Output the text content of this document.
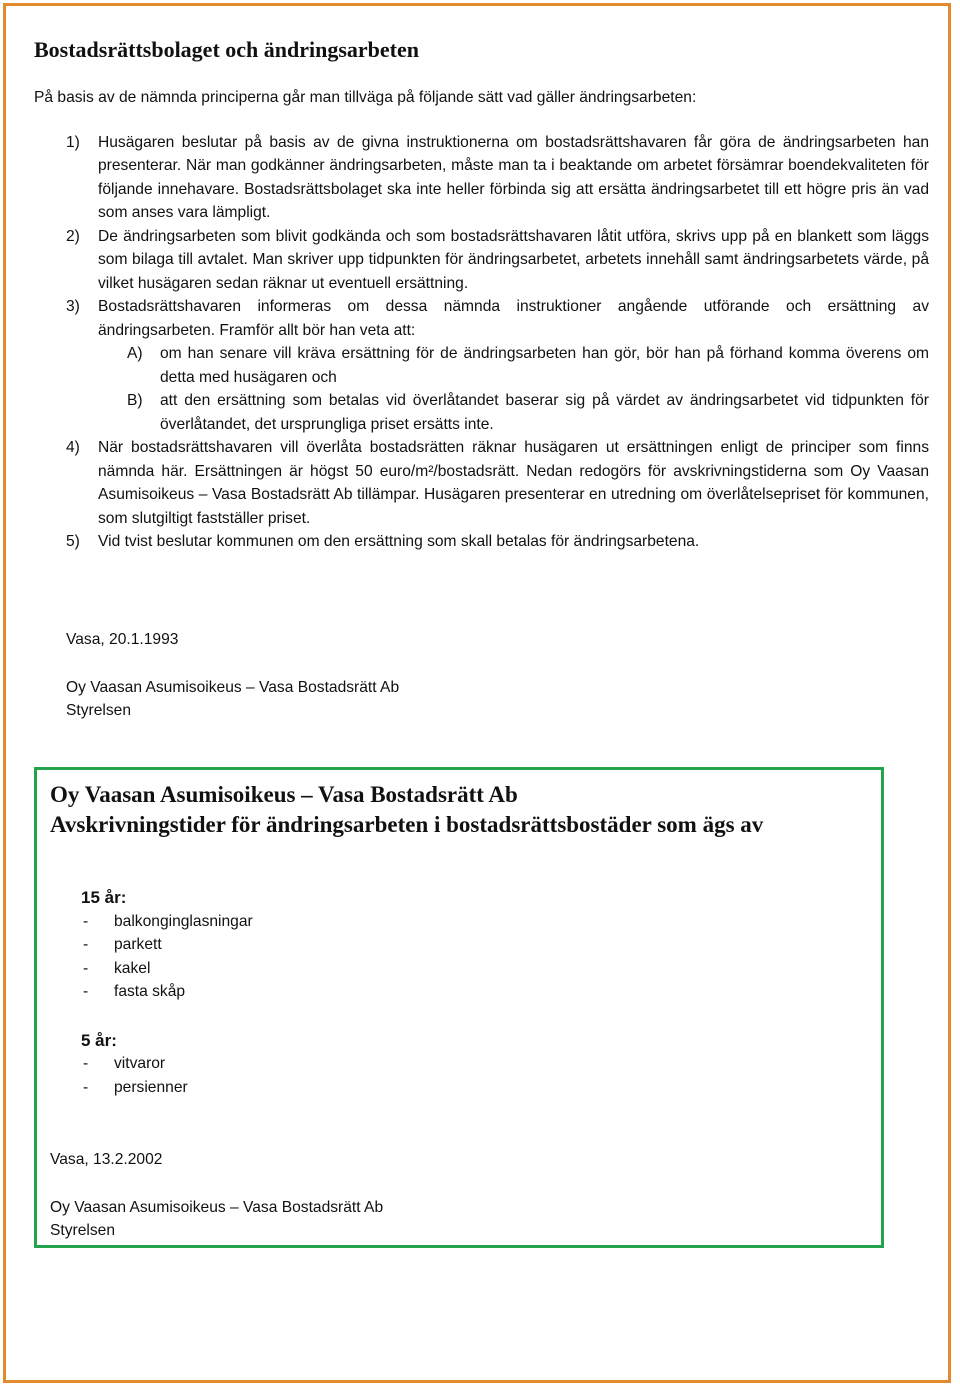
Bostadsrättsbolaget och ändringsarbeten

På basis av de nämnda principerna går man tillväga på följande sätt vad gäller ändringsarbeten:

1) Husägaren beslutar på basis av de givna instruktionerna om bostadsrättshavaren får göra de ändringsarbeten han presenterar. När man godkänner ändringsarbeten, måste man ta i beaktande om arbetet försämrar boendekvaliteten för följande innehavare. Bostadsrättsbolaget ska inte heller förbinda sig att ersätta ändringsarbetet till ett högre pris än vad som anses vara lämpligt.
2) De ändringsarbeten som blivit godkända och som bostadsrättshavaren låtit utföra, skrivs upp på en blankett som läggs som bilaga till avtalet. Man skriver upp tidpunkten för ändringsarbetet, arbetets innehåll samt ändringsarbetets värde, på vilket husägaren sedan räknar ut eventuell ersättning.
3) Bostadsrättshavaren informeras om dessa nämnda instruktioner angående utförande och ersättning av ändringsarbeten. Framför allt bör han veta att:
A) om han senare vill kräva ersättning för de ändringsarbeten han gör, bör han på förhand komma överens om detta med husägaren och
B) att den ersättning som betalas vid överlåtandet baserar sig på värdet av ändringsarbetet vid tidpunkten för överlåtandet, det ursprungliga priset ersätts inte.
4) När bostadsrättshavaren vill överlåta bostadsrätten räknar husägaren ut ersättningen enligt de principer som finns nämnda här. Ersättningen är högst 50 euro/m²/bostadsrätt. Nedan redogörs för avskrivningstiderna som Oy Vaasan Asumisoikeus – Vasa Bostadsrätt Ab tillämpar. Husägaren presenterar en utredning om överlåtelsepriset för kommunen, som slutgiltigt fastställer priset.
5) Vid tvist beslutar kommunen om den ersättning som skall betalas för ändringsarbetena.
Vasa, 20.1.1993
Oy Vaasan Asumisoikeus – Vasa Bostadsrätt Ab
Styrelsen
Oy Vaasan Asumisoikeus – Vasa Bostadsrätt Ab
Avskrivningstider för ändringsarbeten i bostadsrättsbostäder som ägs av
15 år:
- balkonginglasningar
- parkett
- kakel
- fasta skåp
5 år:
- vitvaror
- persienner
Vasa, 13.2.2002
Oy Vaasan Asumisoikeus – Vasa Bostadsrätt Ab
Styrelsen
